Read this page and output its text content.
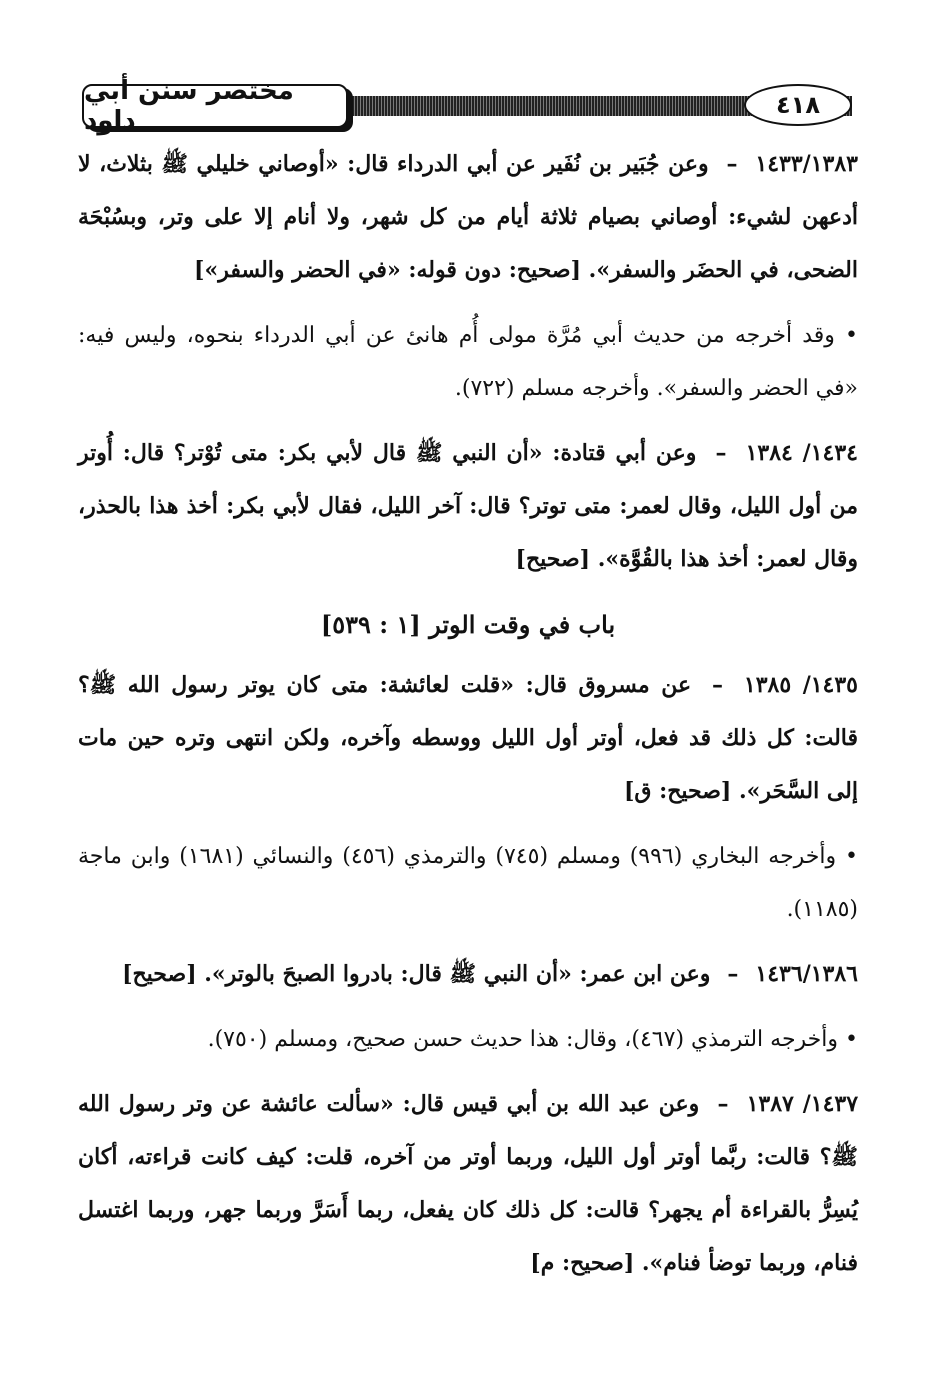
مختصر سنن أبي داود
٤١٨

١٤٣٣/١٣٨٣ – وعن جُبَير بن نُفَير عن أبي الدرداء قال: «أوصاني خليلي ﷺ بثلاث، لا أدعهن لشيء: أوصاني بصيام ثلاثة أيام من كل شهر، ولا أنام إلا على وتر، وبسُبْحَة الضحى، في الحضَر والسفر». [صحيح: دون قوله: «في الحضر والسفر»]

• وقد أخرجه من حديث أبي مُرَّة مولى أُم هانئ عن أبي الدرداء بنحوه، وليس فيه: «في الحضر والسفر». وأخرجه مسلم (٧٢٢).

١٤٣٤/ ١٣٨٤ – وعن أبي قتادة: «أن النبي ﷺ قال لأبي بكر: متى تُوْتر؟ قال: أُوتر من أول الليل، وقال لعمر: متى توتر؟ قال: آخر الليل، فقال لأبي بكر: أخذ هذا بالحذر، وقال لعمر: أخذ هذا بالقُوَّة». [صحيح]

باب في وقت الوتر [١ : ٥٣٩]

١٤٣٥/ ١٣٨٥ – عن مسروق قال: «قلت لعائشة: متى كان يوتر رسول الله ﷺ؟ قالت: كل ذلك قد فعل، أوتر أول الليل ووسطه وآخره، ولكن انتهى وتره حين مات إلى السَّحَر». [صحيح: ق]

• وأخرجه البخاري (٩٩٦) ومسلم (٧٤٥) والترمذي (٤٥٦) والنسائي (١٦٨١) وابن ماجة (١١٨٥).

١٤٣٦/١٣٨٦ – وعن ابن عمر: «أن النبي ﷺ قال: بادروا الصبحَ بالوتر». [صحيح]

• وأخرجه الترمذي (٤٦٧)، وقال: هذا حديث حسن صحيح، ومسلم (٧٥٠).

١٤٣٧/ ١٣٨٧ – وعن عبد الله بن أبي قيس قال: «سألت عائشة عن وتر رسول الله ﷺ؟ قالت: ربَّما أوتر أول الليل، وربما أوتر من آخره، قلت: كيف كانت قراءته، أكان يُسِرُّ بالقراءة أم يجهر؟ قالت: كل ذلك كان يفعل، ربما أَسَرَّ وربما جهر، وربما اغتسل فنام، وربما توضأ فنام». [صحيح: م]
